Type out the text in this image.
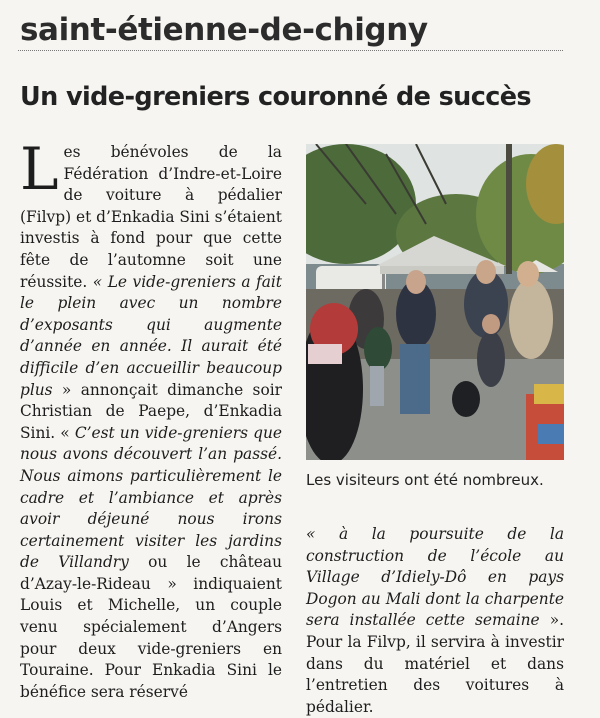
saint-étienne-de-chigny
Un vide-greniers couronné de succès

Les bénévoles de la Fédération d’Indre-et-Loire de voiture à pédalier (Filvp) et d’Enkadia Sini s’étaient investis à fond pour que cette fête de l’automne soit une réussite. « Le vide-greniers a fait le plein avec un nombre d’exposants qui augmente d’année en année. Il aurait été difficile d’en accueillir beaucoup plus » annonçait dimanche soir Christian de Paepe, d’Enkadia Sini. « C’est un vide-greniers que nous avons découvert l’an passé. Nous aimons particulièrement le cadre et l’ambiance et après avoir déjeuné nous irons certainement visiter les jardins de Villandry ou le château d’Azay-le-Rideau » indiquaient Louis et Michelle, un couple venu spécialement d’Angers pour deux vide-greniers en Touraine. Pour Enkadia Sini le bénéfice sera réservé

Les visiteurs ont été nombreux.

« à la poursuite de la construction de l’école au Village d’Idiely-Dô en pays Dogon au Mali dont la charpente sera installée cette semaine ». Pour la Filvp, il servira à investir dans du matériel et dans l’entretien des voitures à pédalier.
